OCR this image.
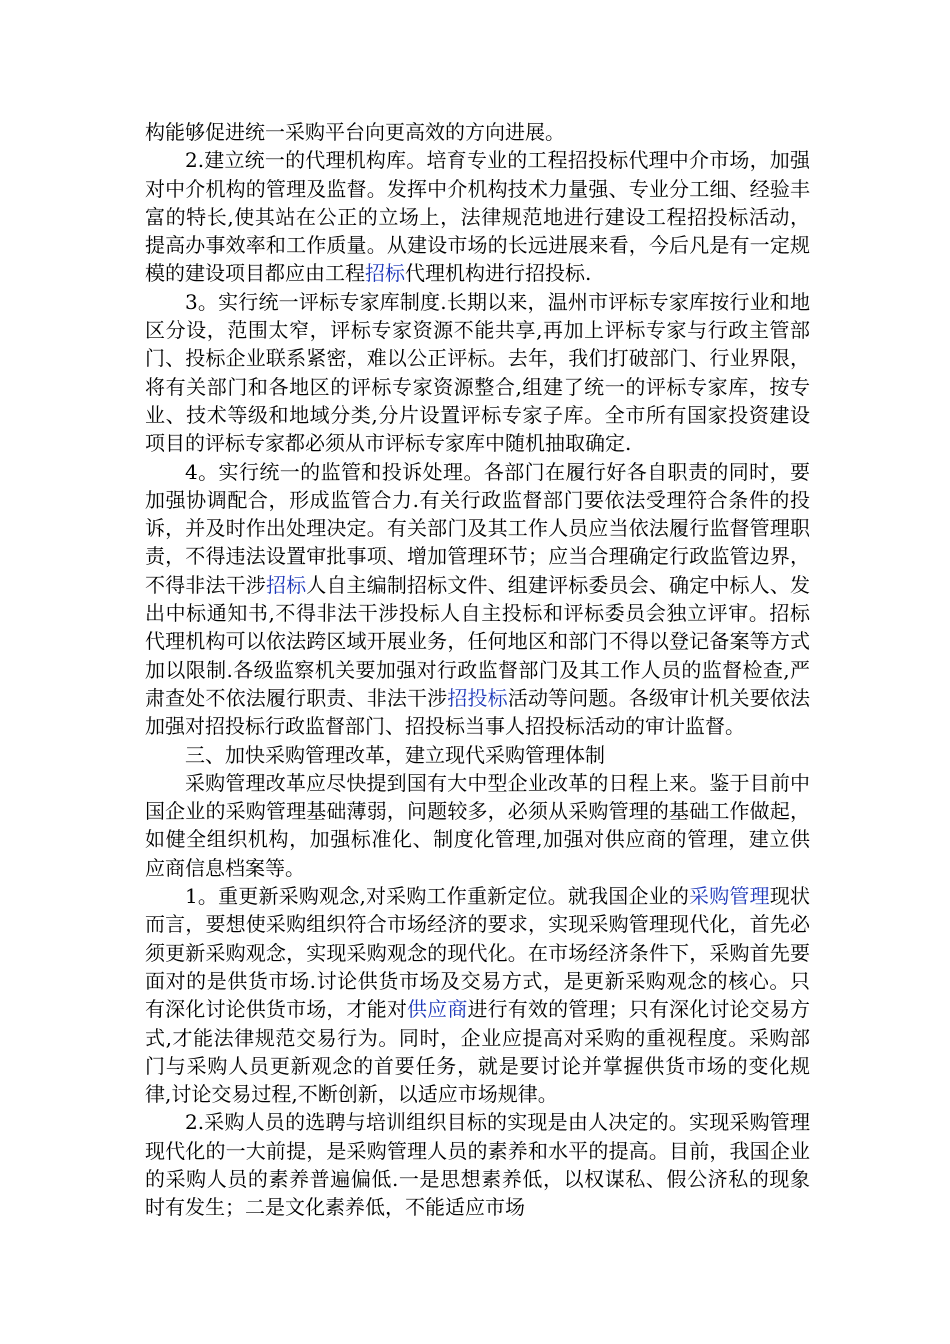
构能够促进统一采购平台向更高效的方向进展。

2.建立统一的代理机构库。培育专业的工程招投标代理中介市场，加强对中介机构的管理及监督。发挥中介机构技术力量强、专业分工细、经验丰富的特长,使其站在公正的立场上，法律规范地进行建设工程招投标活动，提高办事效率和工作质量。从建设市场的长远进展来看，今后凡是有一定规模的建设项目都应由工程招标代理机构进行招投标.

3。实行统一评标专家库制度.长期以来，温州市评标专家库按行业和地区分设，范围太窄，评标专家资源不能共享,再加上评标专家与行政主管部门、投标企业联系紧密，难以公正评标。去年，我们打破部门、行业界限，将有关部门和各地区的评标专家资源整合,组建了统一的评标专家库，按专业、技术等级和地域分类,分片设置评标专家子库。全市所有国家投资建设项目的评标专家都必须从市评标专家库中随机抽取确定.

4。实行统一的监管和投诉处理。各部门在履行好各自职责的同时，要加强协调配合，形成监管合力.有关行政监督部门要依法受理符合条件的投诉，并及时作出处理决定。有关部门及其工作人员应当依法履行监督管理职责，不得违法设置审批事项、增加管理环节；应当合理确定行政监管边界，不得非法干涉招标人自主编制招标文件、组建评标委员会、确定中标人、发出中标通知书,不得非法干涉投标人自主投标和评标委员会独立评审。招标代理机构可以依法跨区域开展业务，任何地区和部门不得以登记备案等方式加以限制.各级监察机关要加强对行政监督部门及其工作人员的监督检查,严肃查处不依法履行职责、非法干涉招投标活动等问题。各级审计机关要依法加强对招投标行政监督部门、招投标当事人招投标活动的审计监督。

三、加快采购管理改革，建立现代采购管理体制

采购管理改革应尽快提到国有大中型企业改革的日程上来。鉴于目前中国企业的采购管理基础薄弱，问题较多，必须从采购管理的基础工作做起，如健全组织机构，加强标准化、制度化管理,加强对供应商的管理，建立供应商信息档案等。

1。重更新采购观念,对采购工作重新定位。就我国企业的采购管理现状而言，要想使采购组织符合市场经济的要求，实现采购管理现代化，首先必须更新采购观念，实现采购观念的现代化。在市场经济条件下，采购首先要面对的是供货市场.讨论供货市场及交易方式，是更新采购观念的核心。只有深化讨论供货市场，才能对供应商进行有效的管理；只有深化讨论交易方式,才能法律规范交易行为。同时，企业应提高对采购的重视程度。采购部门与采购人员更新观念的首要任务，就是要讨论并掌握供货市场的变化规律,讨论交易过程,不断创新，以适应市场规律。

2.采购人员的选聘与培训组织目标的实现是由人决定的。实现采购管理现代化的一大前提，是采购管理人员的素养和水平的提高。目前，我国企业的采购人员的素养普遍偏低.一是思想素养低，以权谋私、假公济私的现象时有发生；二是文化素养低，不能适应市场
